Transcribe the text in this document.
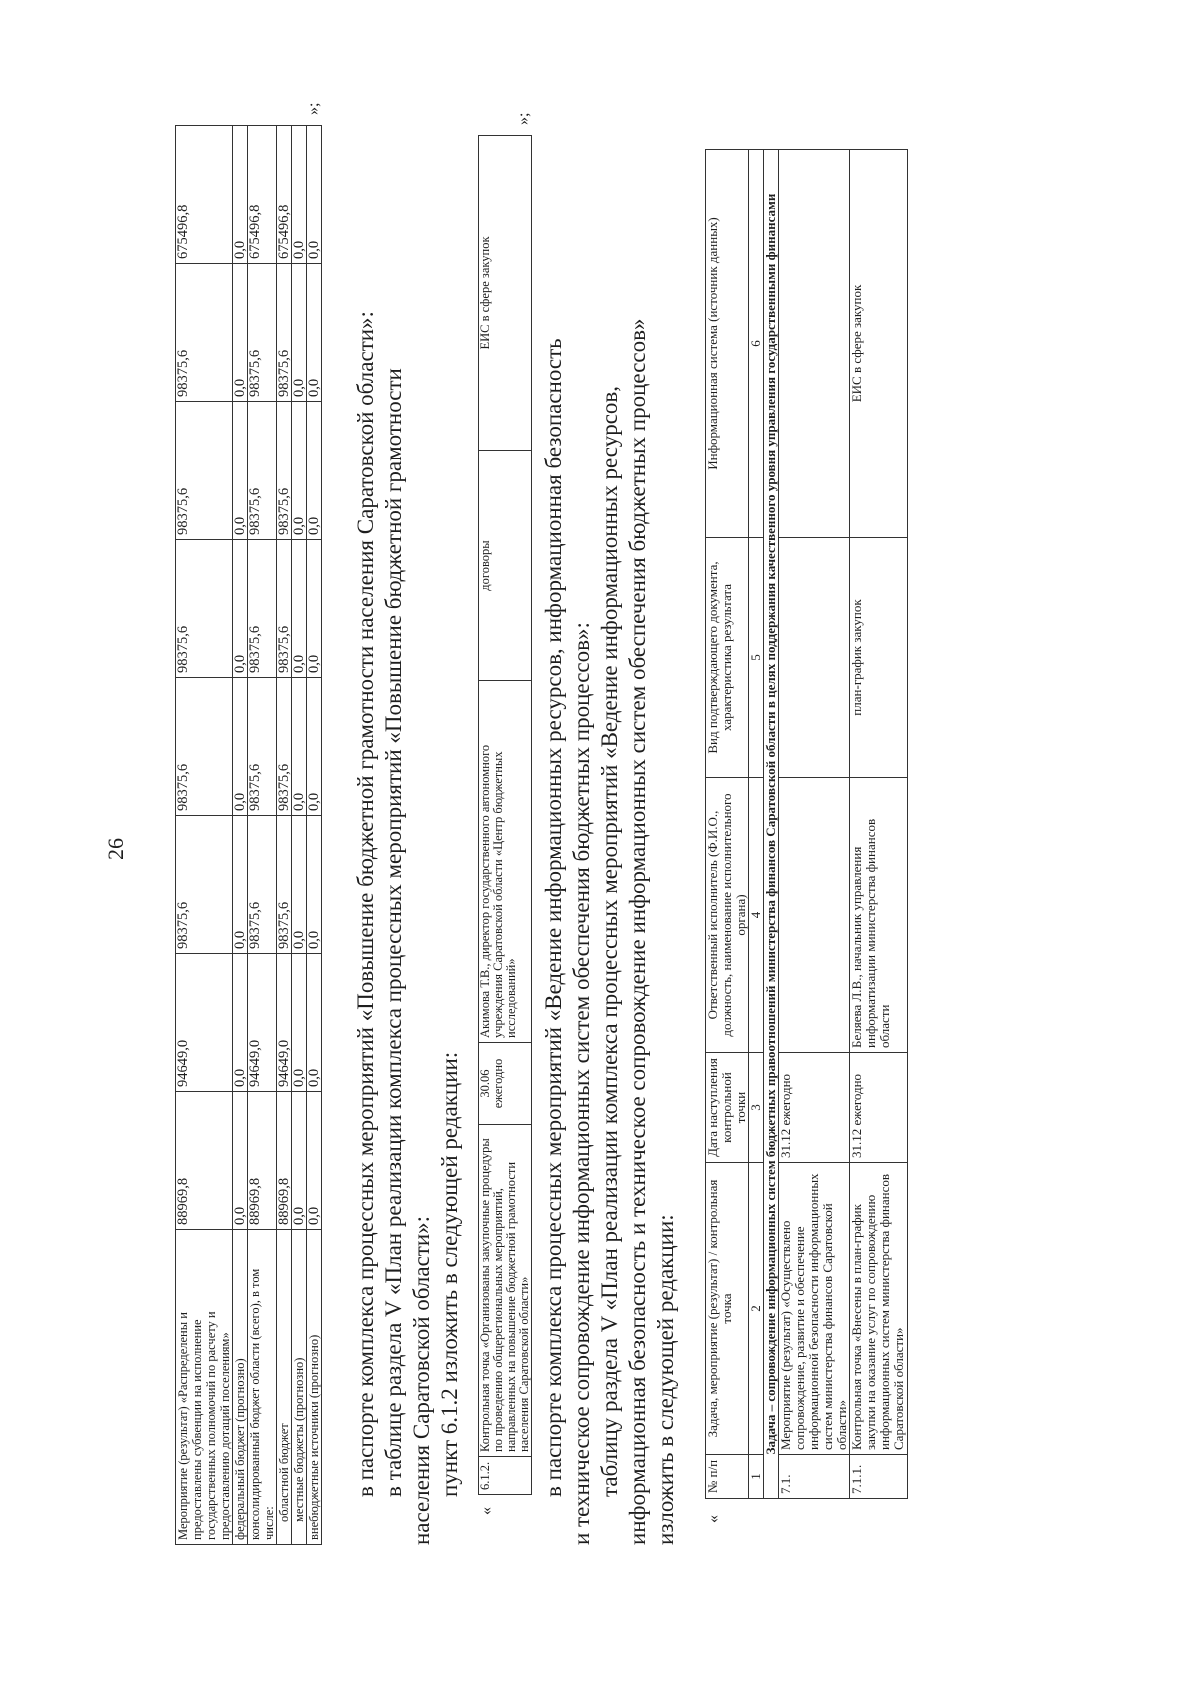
26
Мероприятие (результат) «Распределены и предоставлены субвенции на исполнение государственных полномочий по расчету и предоставлению дотаций поселениям»	88969,8	94649,0	98375,6	98375,6	98375,6	98375,6	98375,6	675496,8
федеральный бюджет (прогнозно)	0,0	0,0	0,0	0,0	0,0	0,0	0,0	0,0
консолидированный бюджет области (всего), в том числе:	88969,8	94649,0	98375,6	98375,6	98375,6	98375,6	98375,6	675496,8
областной бюджет	88969,8	94649,0	98375,6	98375,6	98375,6	98375,6	98375,6	675496,8
местные бюджеты (прогнозно)	0,0	0,0	0,0	0,0	0,0	0,0	0,0	0,0
внебюджетные источники (прогнозно)	0,0	0,0	0,0	0,0	0,0	0,0	0,0	0,0
»;
в паспорте комплекса процессных мероприятий «Повышение бюджетной грамотности населения Саратовской области»: в таблице раздела V «План реализации комплекса процессных мероприятий «Повышение бюджетной грамотности населения Саратовской области»: пункт 6.1.2 изложить в следующей редакции:
«
6.1.2.	Контрольная точка «Организованы закупочные процедуры по проведению общерегиональных мероприятий, направленных на повышение бюджетной грамотности населения Саратовской области»	30.06 ежегодно	Акимова Т.В., директор государственного автономного учреждения Саратовской области «Центр бюджетных исследований»	договоры	ЕИС в сфере закупок
»;
в паспорте комплекса процессных мероприятий «Ведение информационных ресурсов, информационная безопасность и техническое сопровождение информационных систем обеспечения бюджетных процессов»: таблицу раздела V «План реализации комплекса процессных мероприятий «Ведение информационных ресурсов, информационная безопасность и техническое сопровождение информационных систем обеспечения бюджетных процессов» изложить в следующей редакции: «
№ п/п	Задача, мероприятие (результат) / контрольная точка	Дата наступления контрольной точки	Ответственный исполнитель (Ф.И.О., должность, наименование исполнительного органа)	Вид подтверждающего документа, характеристика результата	Информационная система (источник данных)
1	2	3	4	5	6
Задача – сопровождение информационных систем бюджетных правоотношений министерства финансов Саратовской области в целях поддержания качественного уровня управления государственными финансами					
7.1.	Мероприятие (результат) «Осуществлено сопровождение, развитие и обеспечение информационной безопасности информационных систем министерства финансов Саратовской области»	31.12 ежегодно			
7.1.1.	Контрольная точка «Внесены в план-график закупки на оказание услуг по сопровождению информационных систем министерства финансов Саратовской области»	31.12 ежегодно	Беляева Л.В., начальник управления информатизации министерства финансов области	план-график закупок	ЕИС в сфере закупок
